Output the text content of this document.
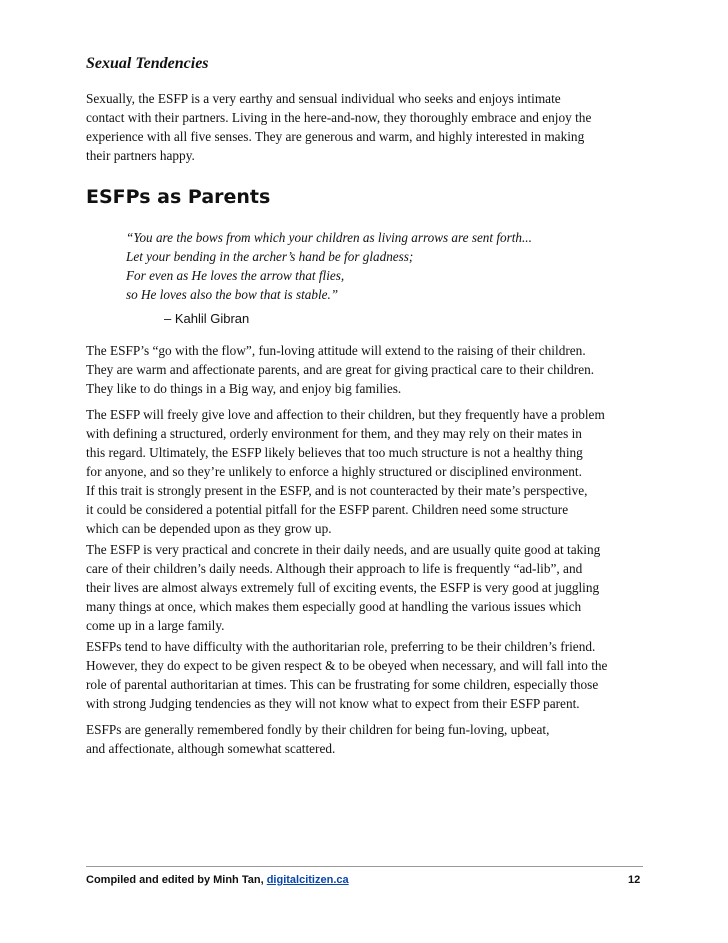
Sexual Tendencies

Sexually, the ESFP is a very earthy and sensual individual who seeks and enjoys intimate
contact with their partners. Living in the here-and-now, they thoroughly embrace and enjoy the
experience with all five senses. They are generous and warm, and highly interested in making
their partners happy.

ESFPs as Parents

“You are the bows from which your children as living arrows are sent forth...
Let your bending in the archer’s hand be for gladness;
For even as He loves the arrow that flies,
so He loves also the bow that is stable.”

– Kahlil Gibran

The ESFP’s “go with the flow”, fun-loving attitude will extend to the raising of their children.
They are warm and affectionate parents, and are great for giving practical care to their children.
They like to do things in a Big way, and enjoy big families.

The ESFP will freely give love and affection to their children, but they frequently have a problem
with defining a structured, orderly environment for them, and they may rely on their mates in
this regard. Ultimately, the ESFP likely believes that too much structure is not a healthy thing
for anyone, and so they’re unlikely to enforce a highly structured or disciplined environment.
If this trait is strongly present in the ESFP, and is not counteracted by their mate’s perspective,
it could be considered a potential pitfall for the ESFP parent. Children need some structure
which can be depended upon as they grow up.

The ESFP is very practical and concrete in their daily needs, and are usually quite good at taking
care of their children’s daily needs. Although their approach to life is frequently “ad-lib”, and
their lives are almost always extremely full of exciting events, the ESFP is very good at juggling
many things at once, which makes them especially good at handling the various issues which
come up in a large family.

ESFPs tend to have difficulty with the authoritarian role, preferring to be their children’s friend.
However, they do expect to be given respect & to be obeyed when necessary, and will fall into the
role of parental authoritarian at times. This can be frustrating for some children, especially those
with strong Judging tendencies as they will not know what to expect from their ESFP parent.

ESFPs are generally remembered fondly by their children for being fun-loving, upbeat,
and affectionate, although somewhat scattered.

Compiled and edited by Minh Tan, digitalcitizen.ca	12
